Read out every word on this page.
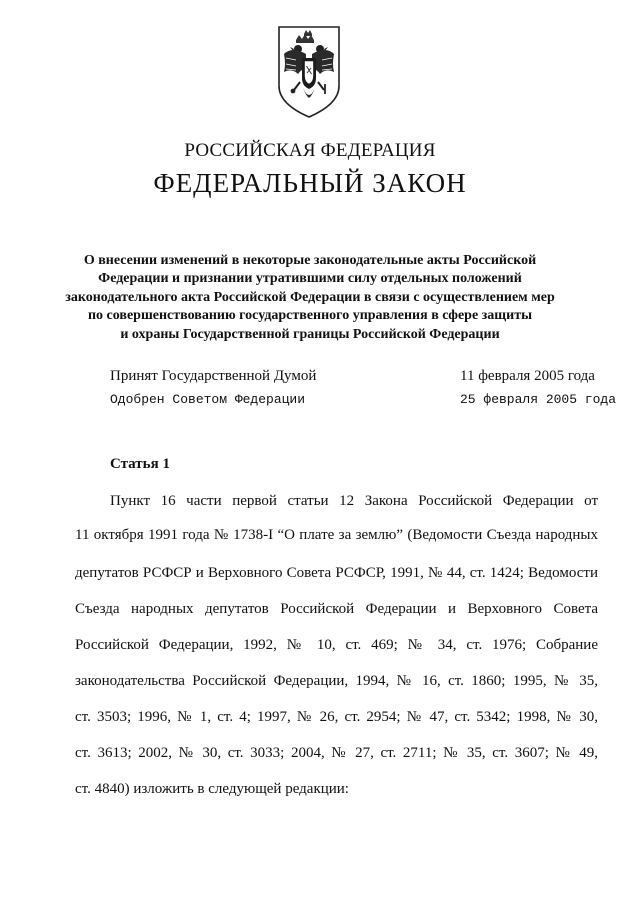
РОССИЙСКАЯ ФЕДЕРАЦИЯ
ФЕДЕРАЛЬНЫЙ ЗАКОН
О внесении изменений в некоторые законодательные акты Российской
Федерации и признании утратившими силу отдельных положений
законодательного акта Российской Федерации в связи с осуществлением мер
по совершенствованию государственного управления в сфере защиты
и охраны Государственной границы Российской Федерации
Принят Государственной Думой	11 февраля 2005 года
Одобрен Советом Федерации	25 февраля 2005 года
Статья 1
Пункт 16 части первой статьи 12 Закона Российской Федерации от
11 октября 1991 года № 1738-I “О плате за землю” (Ведомости Съезда народных
депутатов РСФСР и Верховного Совета РСФСР, 1991, № 44, ст. 1424; Ведомости
Съезда народных депутатов Российской Федерации и Верховного Совета
Российской Федерации, 1992, № 10, ст. 469; № 34, ст. 1976; Собрание
законодательства Российской Федерации, 1994, № 16, ст. 1860; 1995, № 35,
ст. 3503; 1996, № 1, ст. 4; 1997, № 26, ст. 2954; № 47, ст. 5342; 1998, № 30,
ст. 3613; 2002, № 30, ст. 3033; 2004, № 27, ст. 2711; № 35, ст. 3607; № 49,
ст. 4840) изложить в следующей редакции:
